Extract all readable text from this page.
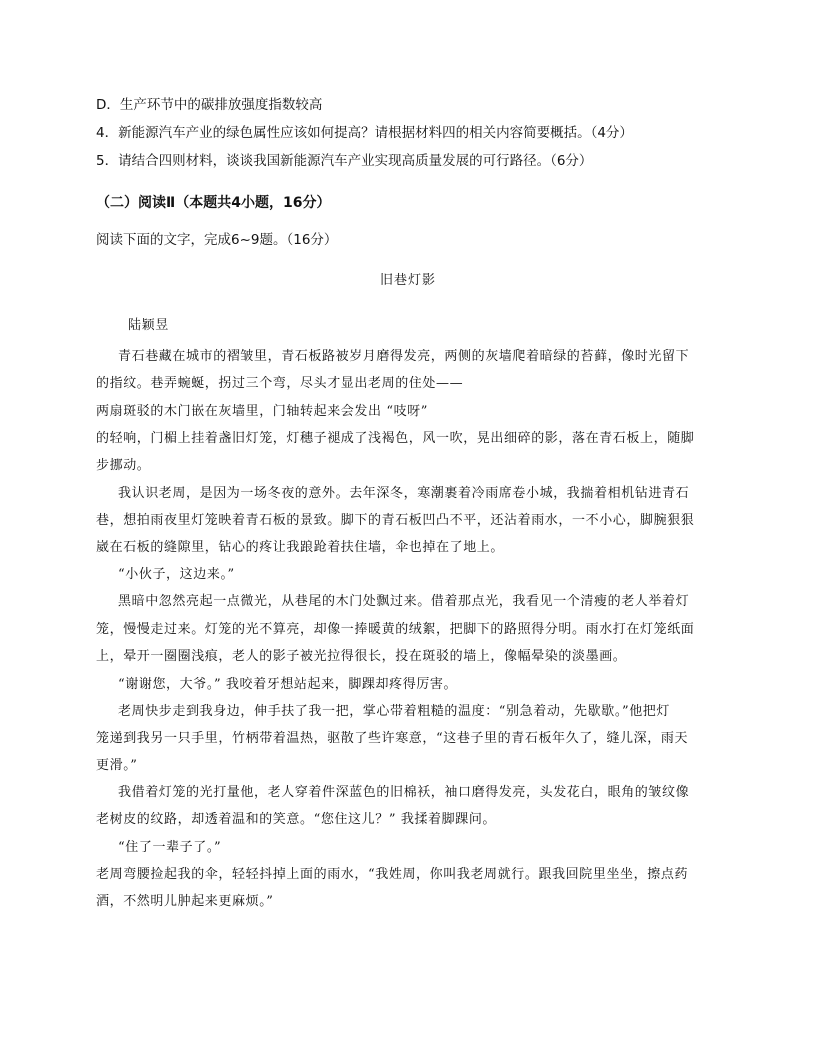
D．生产环节中的碳排放强度指数较高
4．新能源汽车产业的绿色属性应该如何提高？请根据材料四的相关内容简要概括。（4分）
5．请结合四则材料，谈谈我国新能源汽车产业实现高质量发展的可行路径。（6分）
（二）阅读Ⅱ（本题共4小题，16分）
阅读下面的文字，完成6~9题。（16分）
旧巷灯影
陆颖昱
青石巷藏在城市的褶皱里，青石板路被岁月磨得发亮，两侧的灰墙爬着暗绿的苔藓，像时光留下
的指纹。巷弄蜿蜒，拐过三个弯，尽头才显出老周的住处——
两扇斑驳的木门嵌在灰墙里，门轴转起来会发出 “吱呀”
的轻响，门楣上挂着盏旧灯笼，灯穗子褪成了浅褐色，风一吹，晃出细碎的影，落在青石板上，随脚
步挪动。
我认识老周，是因为一场冬夜的意外。去年深冬，寒潮裹着冷雨席卷小城，我揣着相机钻进青石
巷，想拍雨夜里灯笼映着青石板的景致。脚下的青石板凹凸不平，还沾着雨水，一不小心，脚腕狠狠
崴在石板的缝隙里，钻心的疼让我踉跄着扶住墙，伞也掉在了地上。
“小伙子，这边来。”
黑暗中忽然亮起一点微光，从巷尾的木门处飘过来。借着那点光，我看见一个清瘦的老人举着灯
笼，慢慢走过来。灯笼的光不算亮，却像一捧暖黄的绒絮，把脚下的路照得分明。雨水打在灯笼纸面
上，晕开一圈圈浅痕，老人的影子被光拉得很长，投在斑驳的墙上，像幅晕染的淡墨画。
“谢谢您，大爷。” 我咬着牙想站起来，脚踝却疼得厉害。
老周快步走到我身边，伸手扶了我一把，掌心带着粗糙的温度：“别急着动，先歇歇。”他把灯
笼递到我另一只手里，竹柄带着温热，驱散了些许寒意，“这巷子里的青石板年久了，缝儿深，雨天
更滑。”
我借着灯笼的光打量他，老人穿着件深蓝色的旧棉袄，袖口磨得发亮，头发花白，眼角的皱纹像
老树皮的纹路，却透着温和的笑意。“您住这儿？” 我揉着脚踝问。
“住了一辈子了。”
老周弯腰捡起我的伞，轻轻抖掉上面的雨水，“我姓周，你叫我老周就行。跟我回院里坐坐，擦点药
酒，不然明儿肿起来更麻烦。”
